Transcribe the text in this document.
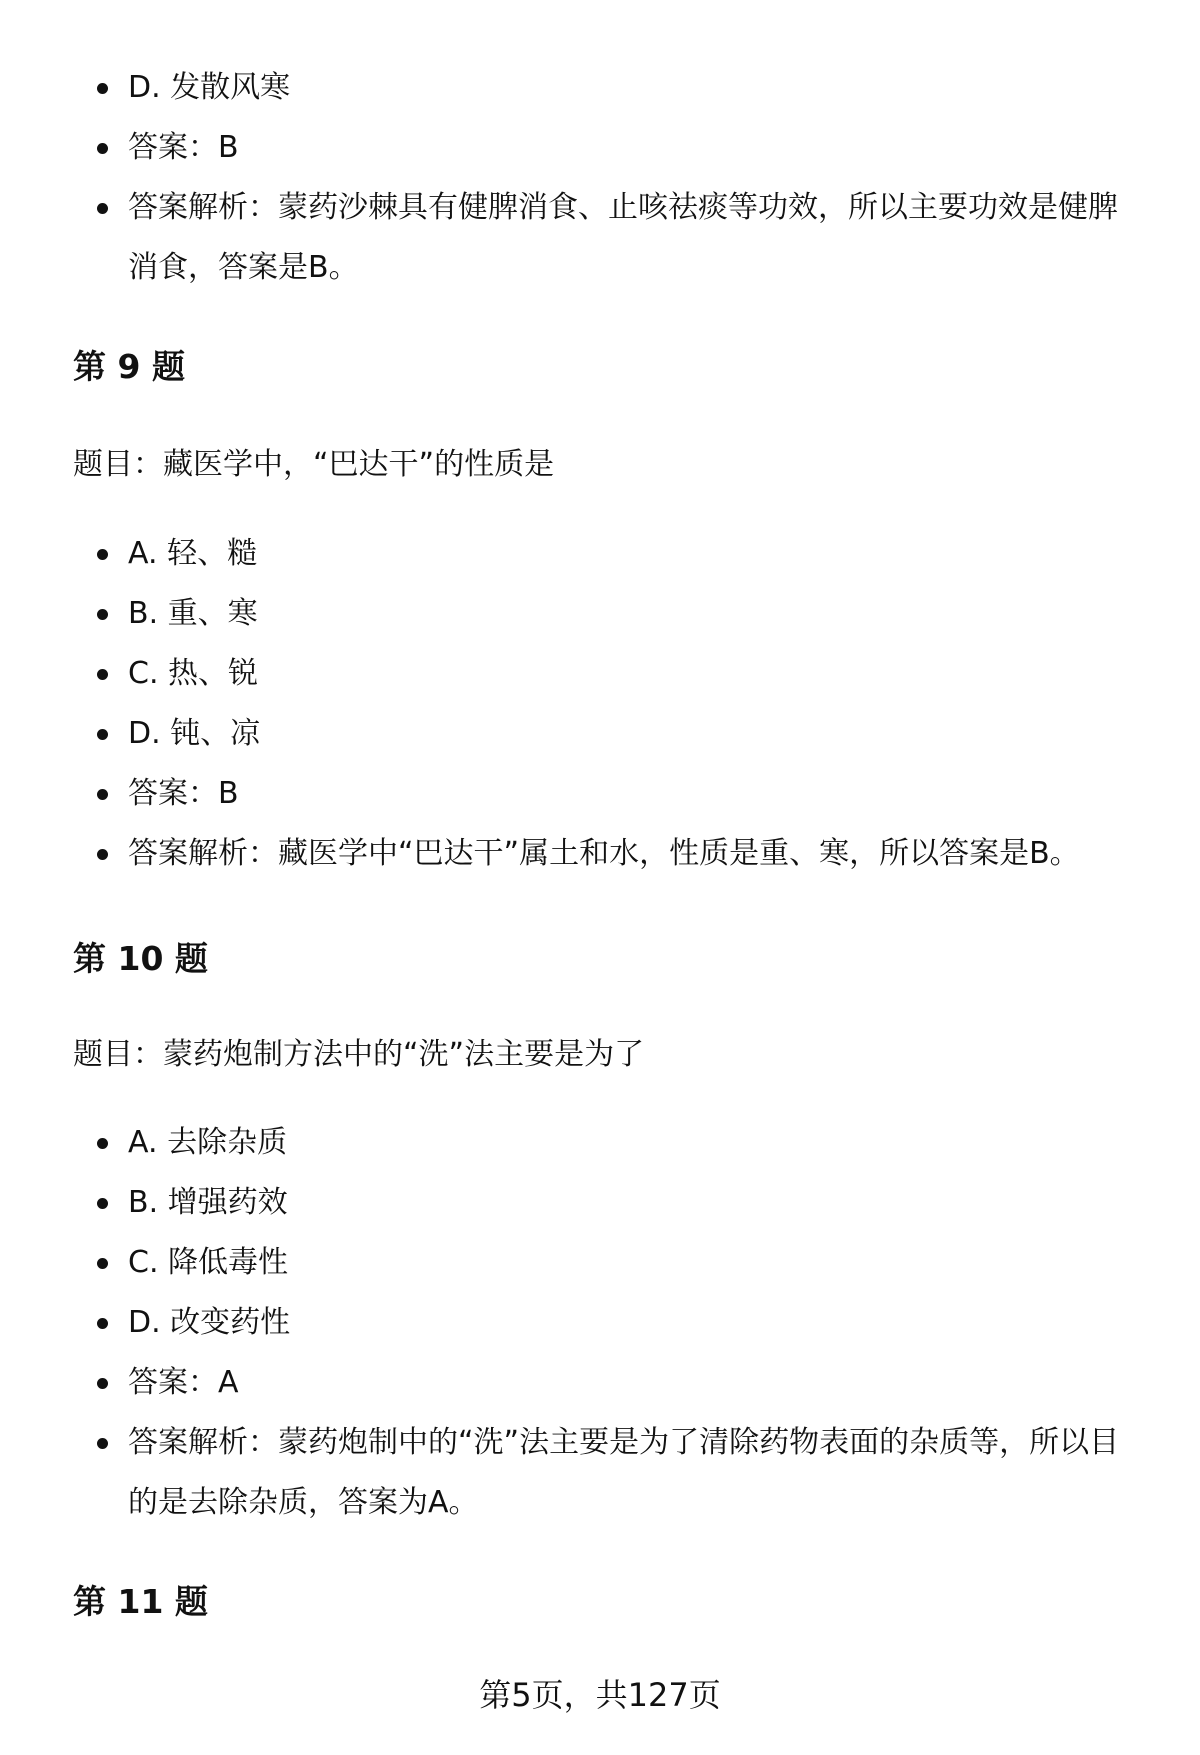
D. 发散风寒
答案：B
答案解析：蒙药沙棘具有健脾消食、止咳祛痰等功效，所以主要功效是健脾消食，答案是B。
第 9 题

题目：藏医学中，“巴达干”的性质是

A. 轻、糙
B. 重、寒
C. 热、锐
D. 钝、凉
答案：B
答案解析：藏医学中“巴达干”属土和水，性质是重、寒，所以答案是B。
第 10 题

题目：蒙药炮制方法中的“洗”法主要是为了

A. 去除杂质
B. 增强药效
C. 降低毒性
D. 改变药性
答案：A
答案解析：蒙药炮制中的“洗”法主要是为了清除药物表面的杂质等，所以目的是去除杂质，答案为A。
第 11 题
第5页，共127页
